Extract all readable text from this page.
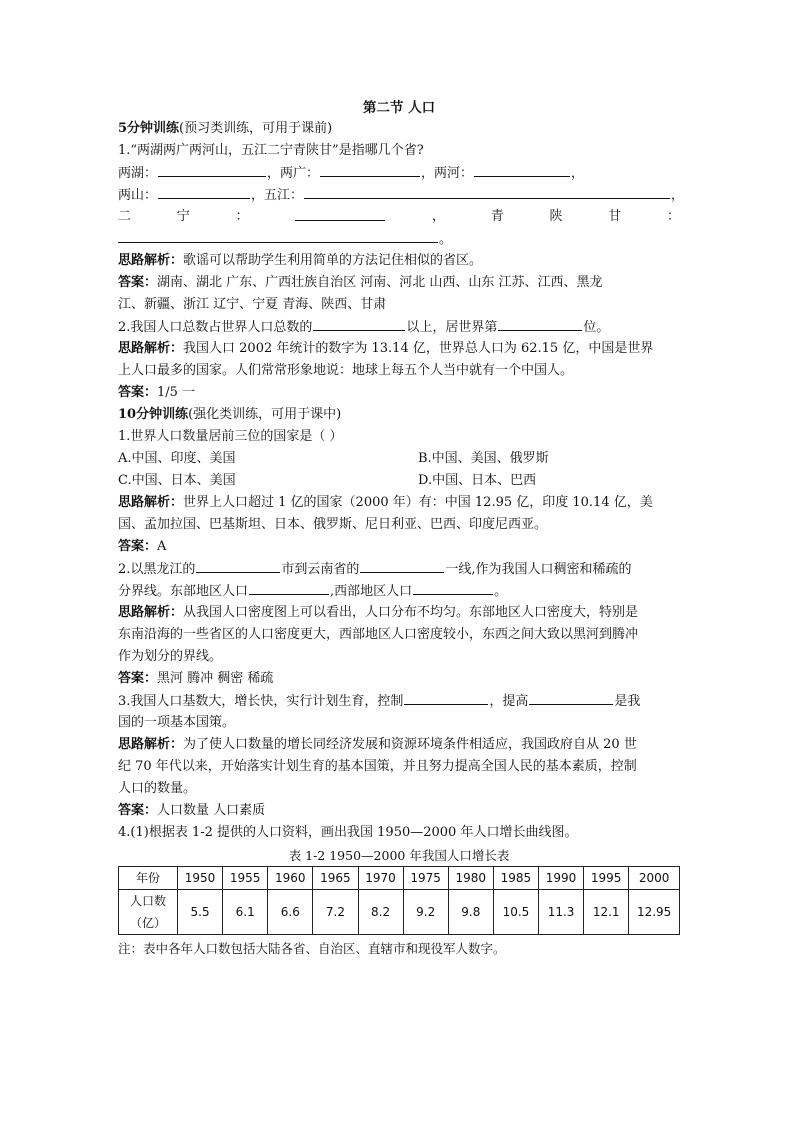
第二节 人口
5分钟训练(预习类训练，可用于课前)
1.“两湖两广两河山，五江二宁青陕甘”是指哪几个省?
两湖：	，两广：	，两河：	，
两山：	，五江：	，
二	宁	：	，	青	陕	甘	：
。
思路解析：歌谣可以帮助学生利用简单的方法记住相似的省区。
答案：湖南、湖北 广东、广西壮族自治区 河南、河北 山西、山东 江苏、江西、黑龙
江、新疆、浙江 辽宁、宁夏 青海、陕西、甘肃
2.我国人口总数占世界人口总数的	以上，居世界第	位。
思路解析：我国人口 2002 年统计的数字为 13.14 亿，世界总人口为 62.15 亿，中国是世界
上人口最多的国家。人们常常形象地说：地球上每五个人当中就有一个中国人。
答案：1/5 一
10分钟训练(强化类训练，可用于课中)
1.世界人口数量居前三位的国家是（ ）
A.中国、印度、美国	B.中国、美国、俄罗斯
C.中国、日本、美国	D.中国、日本、巴西
思路解析：世界上人口超过 1 亿的国家（2000 年）有：中国 12.95 亿，印度 10.14 亿，美
国、孟加拉国、巴基斯坦、日本、俄罗斯、尼日利亚、巴西、印度尼西亚。
答案：A
2.以黑龙江的	市到云南省的	一线,作为我国人口稠密和稀疏的
分界线。东部地区人口	,西部地区人口	。
思路解析：从我国人口密度图上可以看出，人口分布不均匀。东部地区人口密度大，特别是
东南沿海的一些省区的人口密度更大，西部地区人口密度较小，东西之间大致以黑河到腾冲
作为划分的界线。
答案：黑河 腾冲 稠密 稀疏
3.我国人口基数大，增长快，实行计划生育，控制	，提高	是我
国的一项基本国策。
思路解析：为了使人口数量的增长同经济发展和资源环境条件相适应，我国政府自从 20 世
纪 70 年代以来，开始落实计划生育的基本国策，并且努力提高全国人民的基本素质，控制
人口的数量。
答案：人口数量 人口素质
4.(1)根据表 1-2 提供的人口资料，画出我国 1950—2000 年人口增长曲线图。
表 1-2 1950—2000 年我国人口增长表
年份	1950	1955	1960	1965	1970	1975	1980	1985	1990	1995	2000

人口数
（亿）	5.5	6.1	6.6	7.2	8.2	9.2	9.8	10.5	11.3	12.1	12.95
注：表中各年人口数包括大陆各省、自治区、直辖市和现役军人数字。
